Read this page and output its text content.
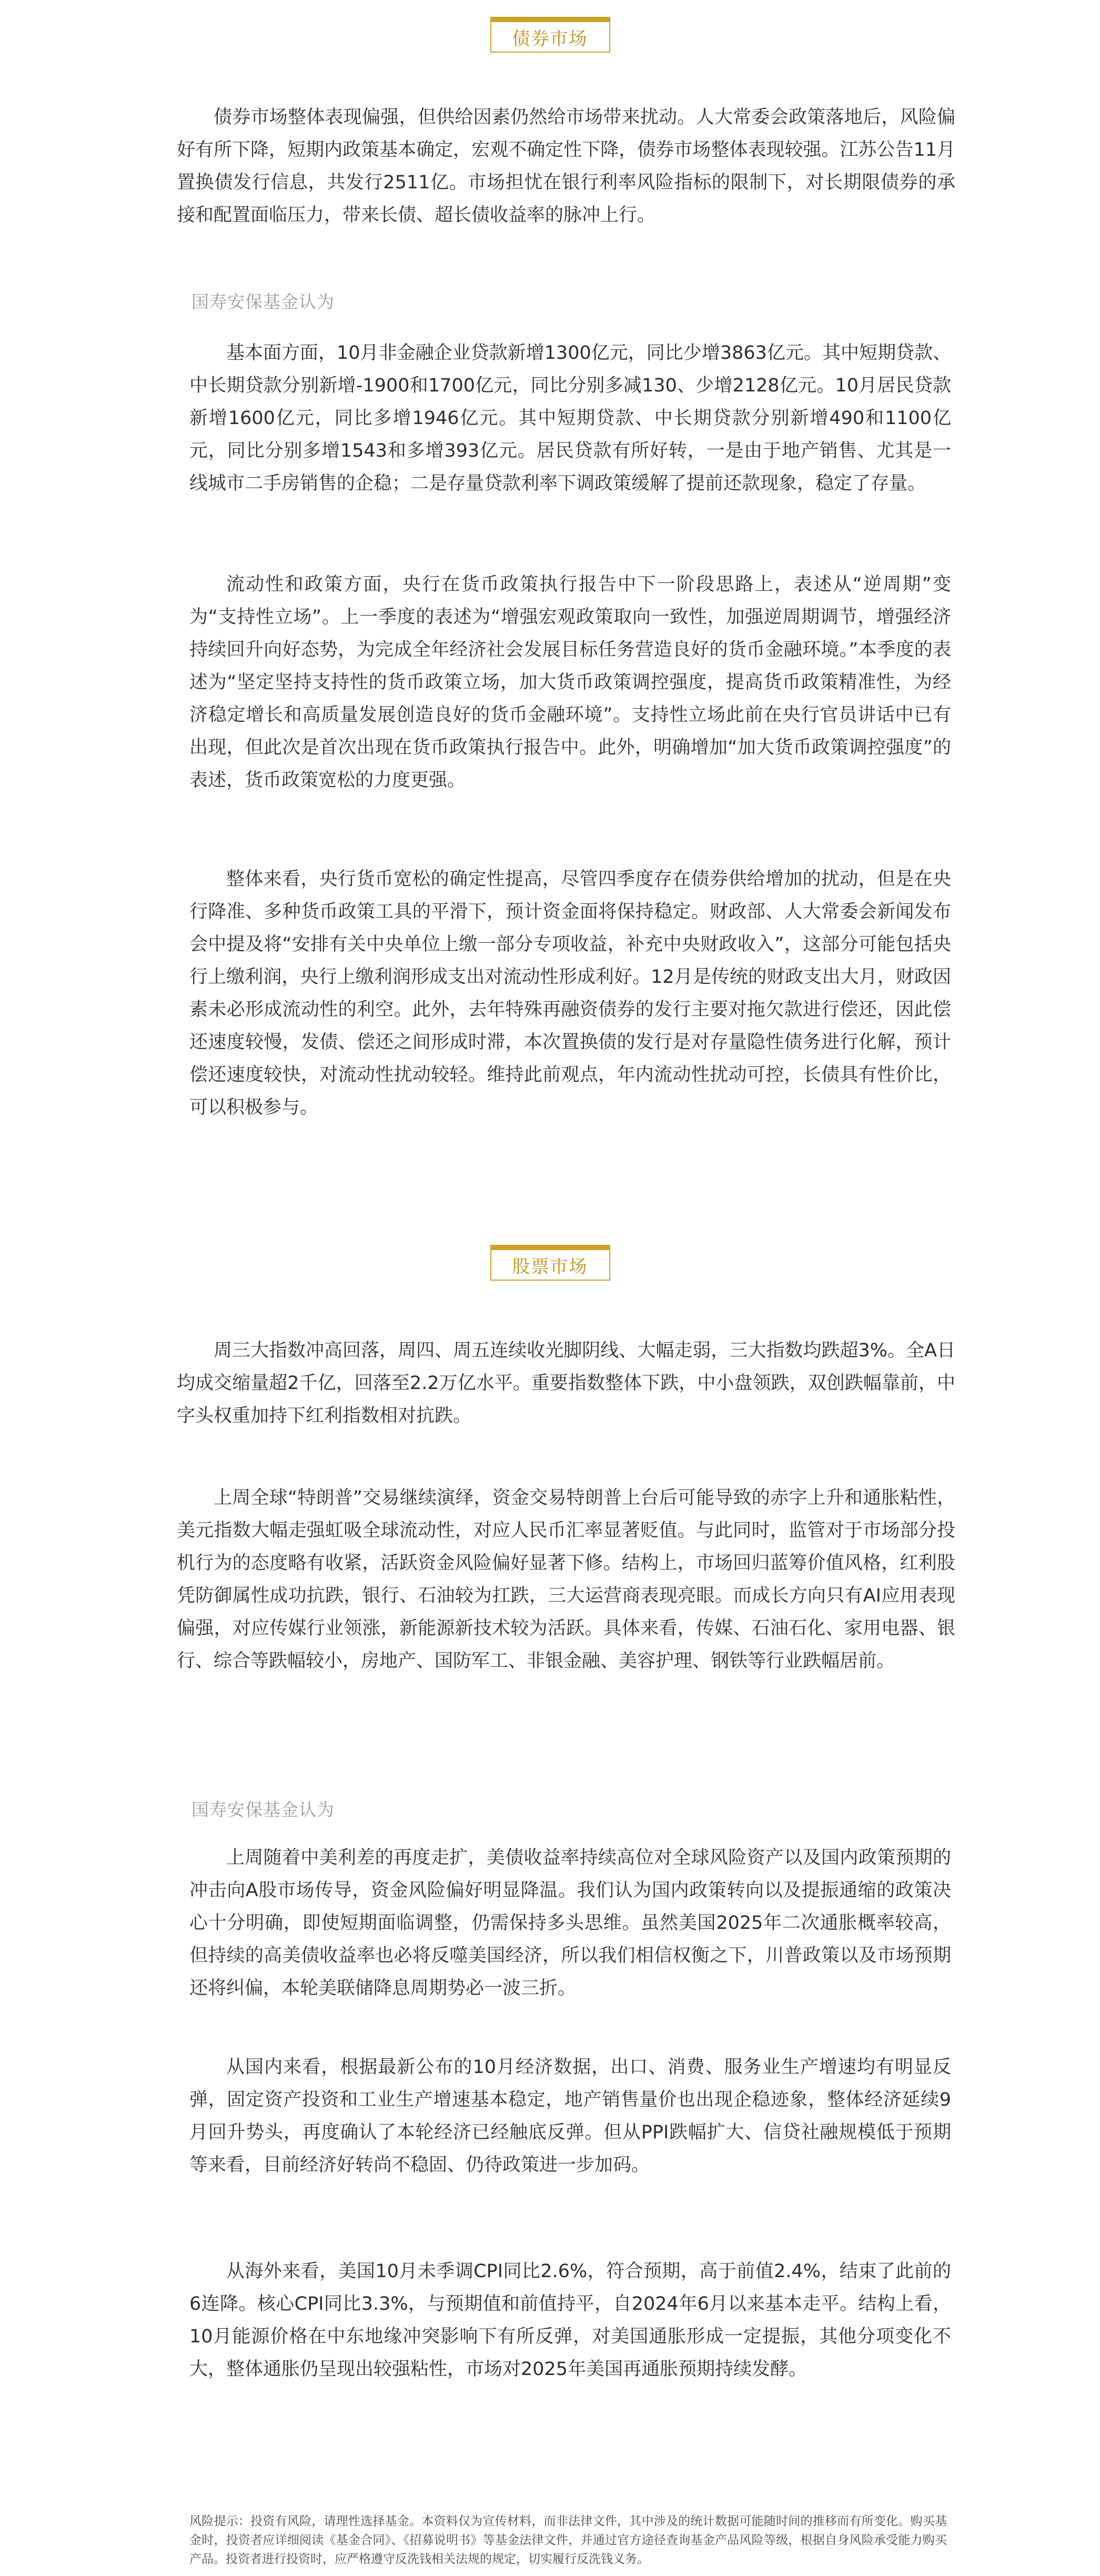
债券市场

债券市场整体表现偏强，但供给因素仍然给市场带来扰动。人大常委会政策落地后，风险偏好有所下降，短期内政策基本确定，宏观不确定性下降，债券市场整体表现较强。江苏公告11月置换债发行信息，共发行2511亿。市场担忧在银行利率风险指标的限制下，对长期限债券的承接和配置面临压力，带来长债、超长债收益率的脉冲上行。

国寿安保基金认为

基本面方面，10月非金融企业贷款新增1300亿元，同比少增3863亿元。其中短期贷款、中长期贷款分别新增-1900和1700亿元，同比分别多减130、少增2128亿元。10月居民贷款新增1600亿元，同比多增1946亿元。其中短期贷款、中长期贷款分别新增490和1100亿元，同比分别多增1543和多增393亿元。居民贷款有所好转，一是由于地产销售、尤其是一线城市二手房销售的企稳；二是存量贷款利率下调政策缓解了提前还款现象，稳定了存量。

流动性和政策方面，央行在货币政策执行报告中下一阶段思路上，表述从“逆周期”变为“支持性立场”。上一季度的表述为“增强宏观政策取向一致性，加强逆周期调节，增强经济持续回升向好态势，为完成全年经济社会发展目标任务营造良好的货币金融环境。”本季度的表述为“坚定坚持支持性的货币政策立场，加大货币政策调控强度，提高货币政策精准性，为经济稳定增长和高质量发展创造良好的货币金融环境”。支持性立场此前在央行官员讲话中已有出现，但此次是首次出现在货币政策执行报告中。此外，明确增加“加大货币政策调控强度”的表述，货币政策宽松的力度更强。

整体来看，央行货币宽松的确定性提高，尽管四季度存在债券供给增加的扰动，但是在央行降准、多种货币政策工具的平滑下，预计资金面将保持稳定。财政部、人大常委会新闻发布会中提及将“安排有关中央单位上缴一部分专项收益，补充中央财政收入”，这部分可能包括央行上缴利润，央行上缴利润形成支出对流动性形成利好。12月是传统的财政支出大月，财政因素未必形成流动性的利空。此外，去年特殊再融资债券的发行主要对拖欠款进行偿还，因此偿还速度较慢，发债、偿还之间形成时滞，本次置换债的发行是对存量隐性债务进行化解，预计偿还速度较快，对流动性扰动较轻。维持此前观点，年内流动性扰动可控，长债具有性价比，可以积极参与。

股票市场

周三大指数冲高回落，周四、周五连续收光脚阴线、大幅走弱，三大指数均跌超3%。全A日均成交缩量超2千亿，回落至2.2万亿水平。重要指数整体下跌，中小盘领跌，双创跌幅靠前，中字头权重加持下红利指数相对抗跌。

上周全球“特朗普”交易继续演绎，资金交易特朗普上台后可能导致的赤字上升和通胀粘性，美元指数大幅走强虹吸全球流动性，对应人民币汇率显著贬值。与此同时，监管对于市场部分投机行为的态度略有收紧，活跃资金风险偏好显著下修。结构上，市场回归蓝筹价值风格，红利股凭防御属性成功抗跌，银行、石油较为扛跌，三大运营商表现亮眼。而成长方向只有AI应用表现偏强，对应传媒行业领涨，新能源新技术较为活跃。具体来看，传媒、石油石化、家用电器、银行、综合等跌幅较小，房地产、国防军工、非银金融、美容护理、钢铁等行业跌幅居前。

国寿安保基金认为

上周随着中美利差的再度走扩，美债收益率持续高位对全球风险资产以及国内政策预期的冲击向A股市场传导，资金风险偏好明显降温。我们认为国内政策转向以及提振通缩的政策决心十分明确，即使短期面临调整，仍需保持多头思维。虽然美国2025年二次通胀概率较高，但持续的高美债收益率也必将反噬美国经济，所以我们相信权衡之下，川普政策以及市场预期还将纠偏，本轮美联储降息周期势必一波三折。

从国内来看，根据最新公布的10月经济数据，出口、消费、服务业生产增速均有明显反弹，固定资产投资和工业生产增速基本稳定，地产销售量价也出现企稳迹象，整体经济延续9月回升势头，再度确认了本轮经济已经触底反弹。但从PPI跌幅扩大、信贷社融规模低于预期等来看，目前经济好转尚不稳固、仍待政策进一步加码。

从海外来看，美国10月未季调CPI同比2.6%，符合预期，高于前值2.4%，结束了此前的6连降。核心CPI同比3.3%，与预期值和前值持平，自2024年6月以来基本走平。结构上看，10月能源价格在中东地缘冲突影响下有所反弹，对美国通胀形成一定提振，其他分项变化不大，整体通胀仍呈现出较强粘性，市场对2025年美国再通胀预期持续发酵。

风险提示：投资有风险，请理性选择基金。本资料仅为宣传材料，而非法律文件，其中涉及的统计数据可能随时间的推移而有所变化。购买基金时，投资者应详细阅读《基金合同》、《招募说明书》等基金法律文件，并通过官方途径查询基金产品风险等级，根据自身风险承受能力购买产品。投资者进行投资时，应严格遵守反洗钱相关法规的规定，切实履行反洗钱义务。
